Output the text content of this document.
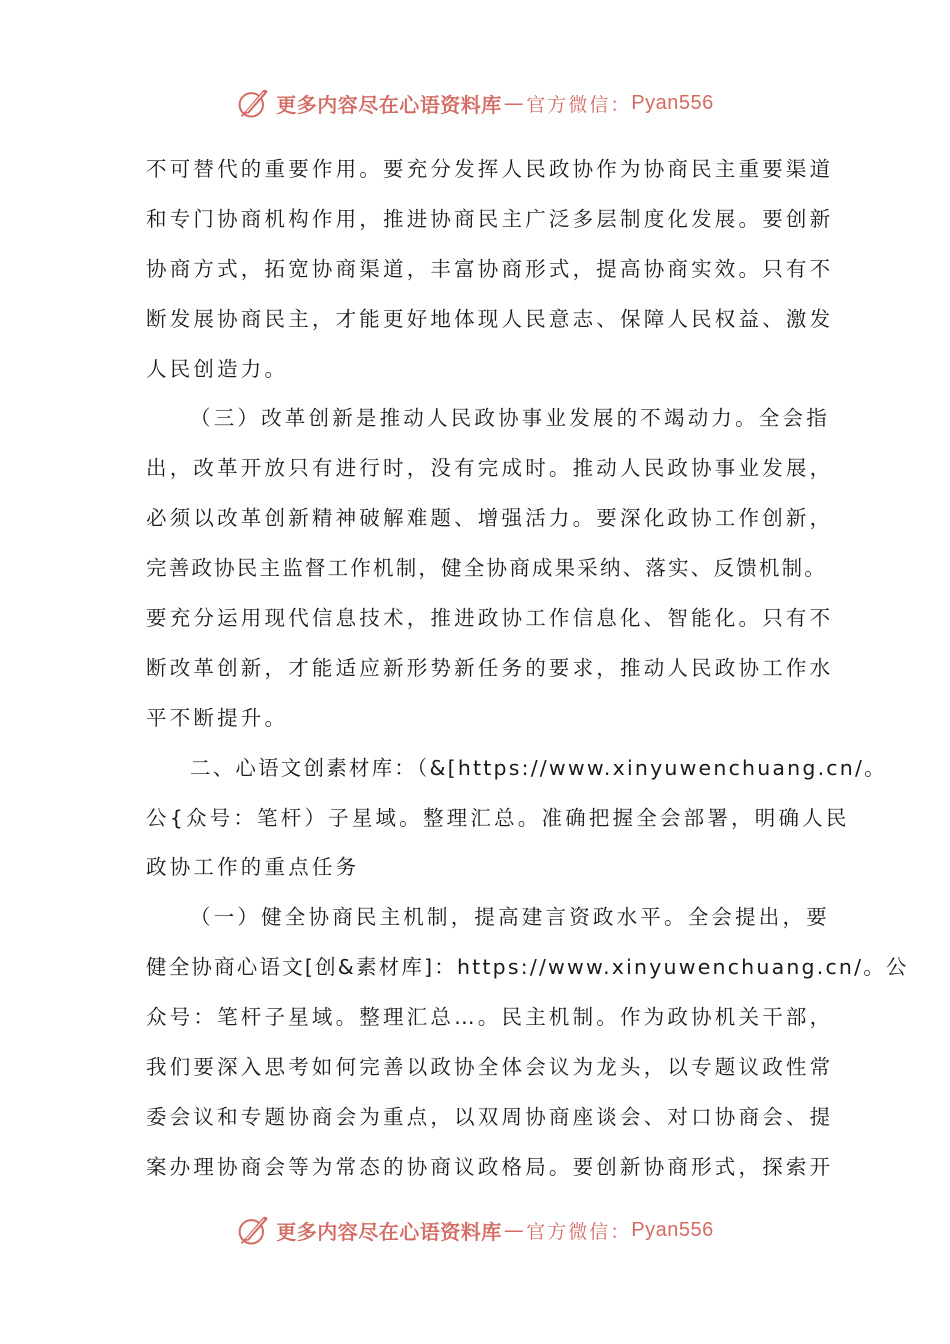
更多内容尽在心语资料库 — 官方微信： Pyan556
不可替代的重要作用。要充分发挥人民政协作为协商民主重要渠道
和专门协商机构作用，推进协商民主广泛多层制度化发展。要创新
协商方式，拓宽协商渠道，丰富协商形式，提高协商实效。只有不
断发展协商民主，才能更好地体现人民意志、保障人民权益、激发
人民创造力。
（三）改革创新是推动人民政协事业发展的不竭动力。全会指
出，改革开放只有进行时，没有完成时。推动人民政协事业发展，
必须以改革创新精神破解难题、增强活力。要深化政协工作创新，
完善政协民主监督工作机制，健全协商成果采纳、落实、反馈机制。
要充分运用现代信息技术，推进政协工作信息化、智能化。只有不
断改革创新，才能适应新形势新任务的要求，推动人民政协工作水
平不断提升。
二、心语文创素材库：（&[https://www.xinyuwenchuang.cn/。
公{众号：笔杆）子星域。整理汇总。准确把握全会部署，明确人民
政协工作的重点任务
（一）健全协商民主机制，提高建言资政水平。全会提出，要
健全协商心语文[创&素材库]：https://www.xinyuwenchuang.cn/。公
众号：笔杆子星域。整理汇总…。民主机制。作为政协机关干部，
我们要深入思考如何完善以政协全体会议为龙头，以专题议政性常
委会议和专题协商会为重点，以双周协商座谈会、对口协商会、提
案办理协商会等为常态的协商议政格局。要创新协商形式，探索开
更多内容尽在心语资料库 — 官方微信： Pyan556
